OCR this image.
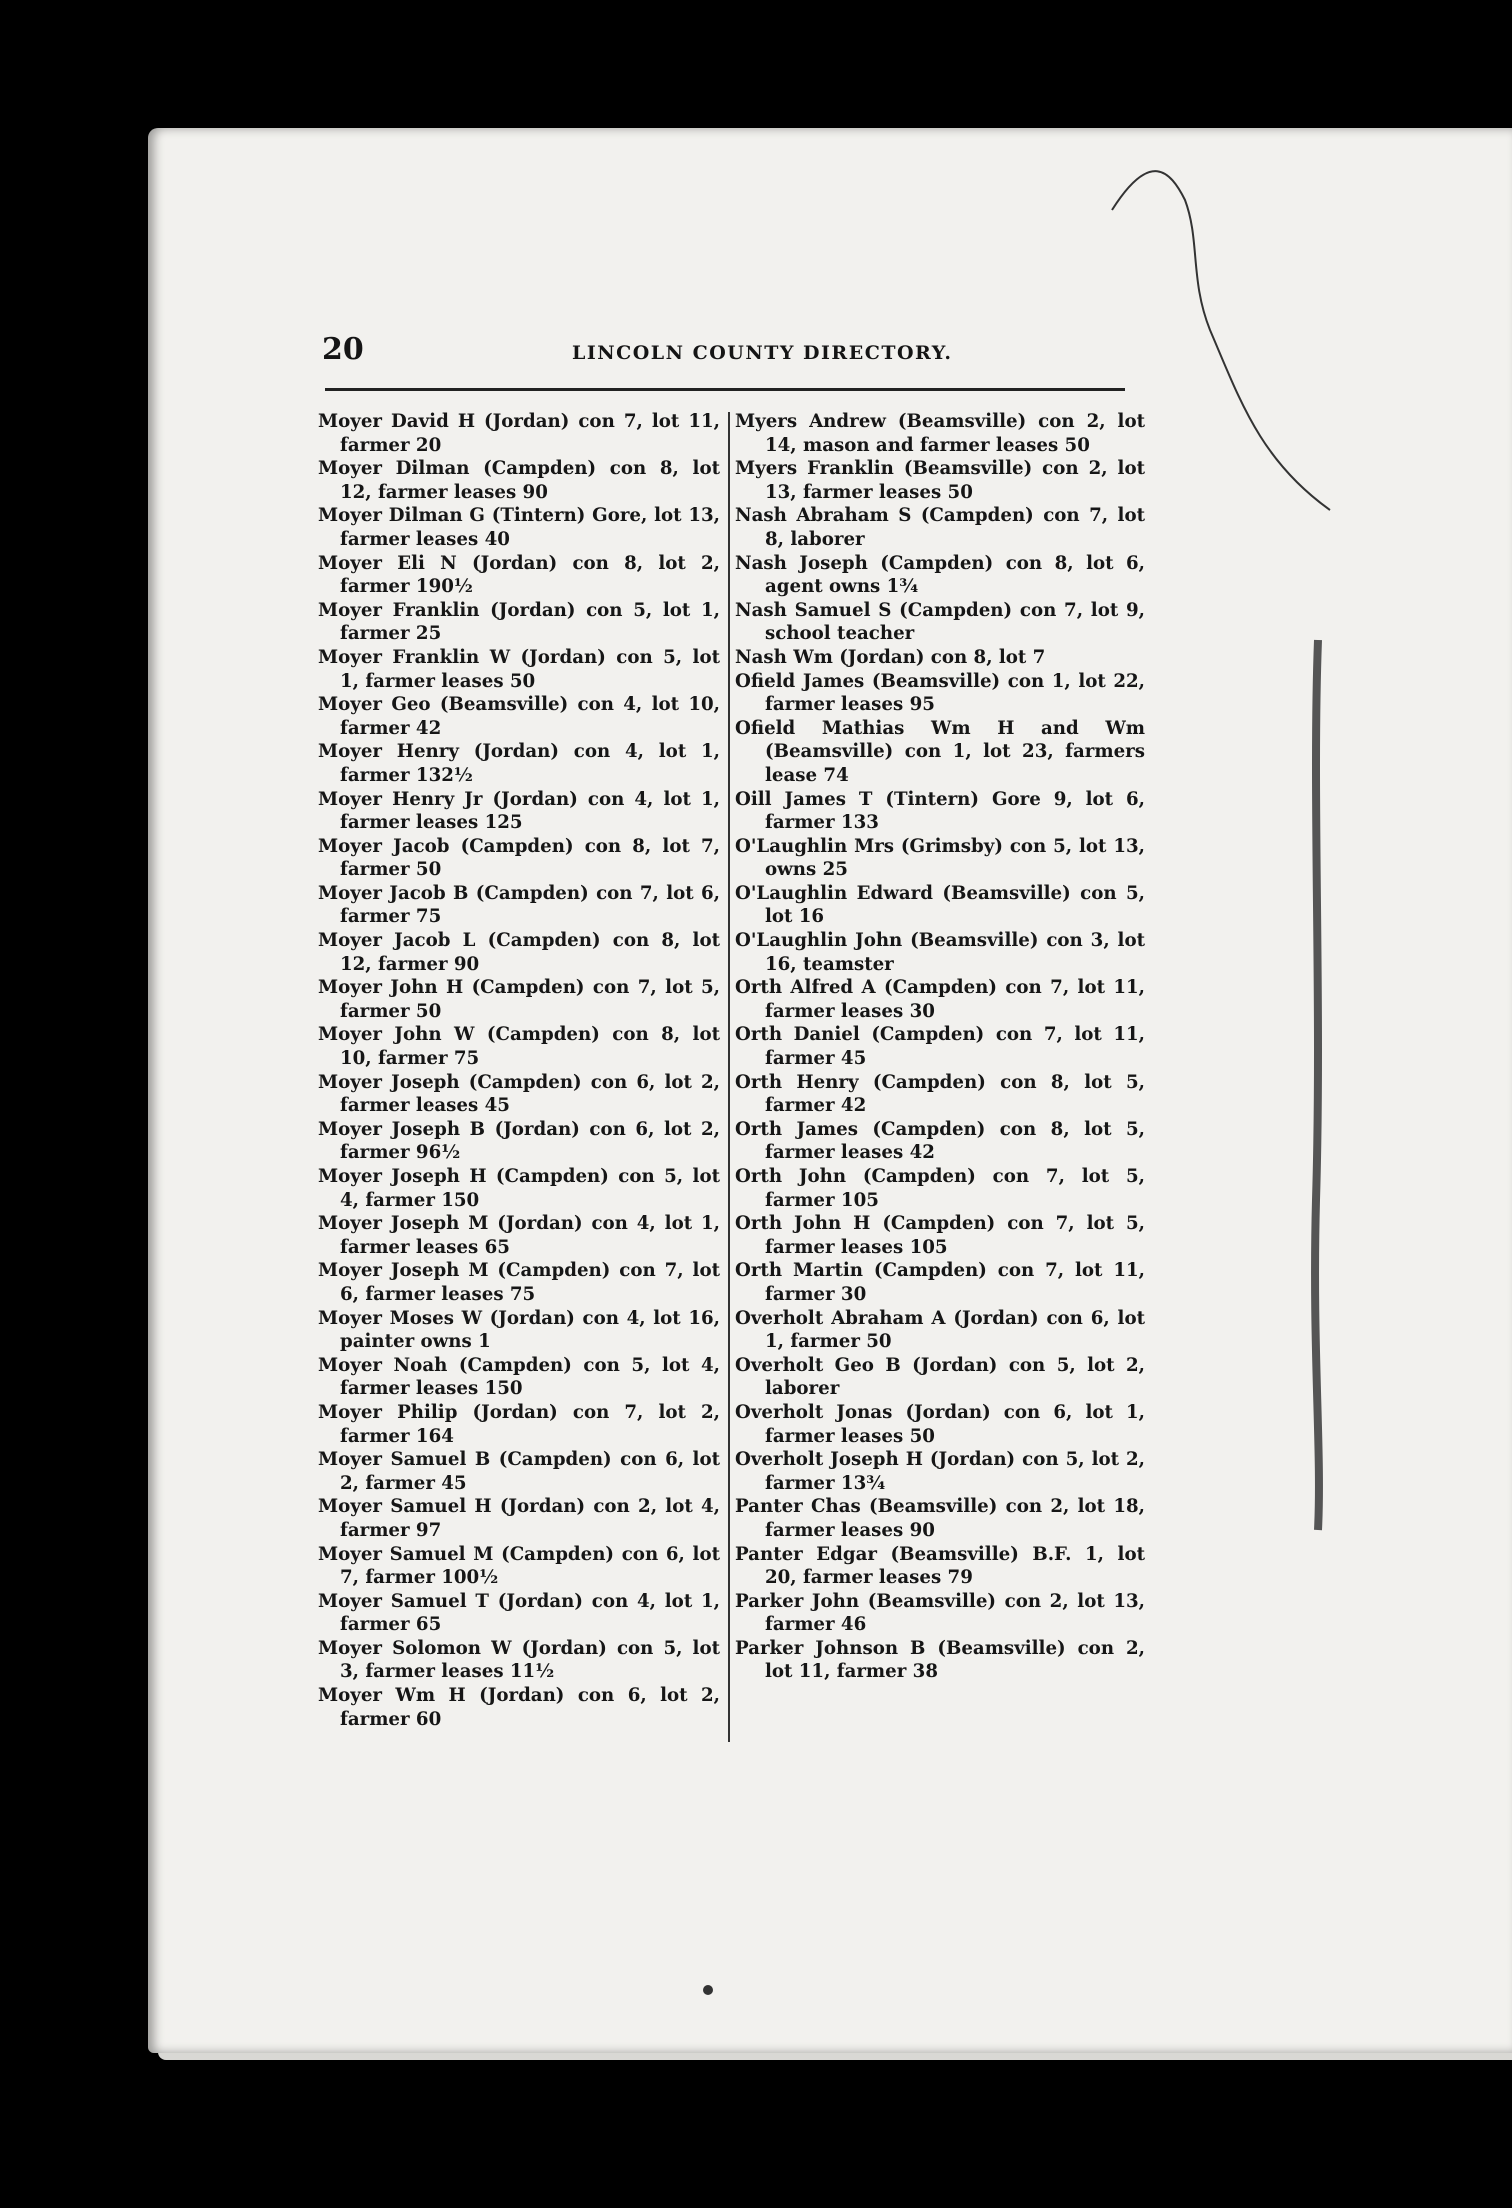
20	LINCOLN COUNTY DIRECTORY.

Moyer David H (Jordan) con 7, lot 11, farmer 20

Moyer Dilman (Campden) con 8, lot 12, farmer leases 90

Moyer Dilman G (Tintern) Gore, lot 13, farmer leases 40

Moyer Eli N (Jordan) con 8, lot 2, farmer 190½

Moyer Franklin (Jordan) con 5, lot 1, farmer 25

Moyer Franklin W (Jordan) con 5, lot 1, farmer leases 50

Moyer Geo (Beamsville) con 4, lot 10, farmer 42

Moyer Henry (Jordan) con 4, lot 1, farmer 132½

Moyer Henry Jr (Jordan) con 4, lot 1, farmer leases 125

Moyer Jacob (Campden) con 8, lot 7, farmer 50

Moyer Jacob B (Campden) con 7, lot 6, farmer 75

Moyer Jacob L (Campden) con 8, lot 12, farmer 90

Moyer John H (Campden) con 7, lot 5, farmer 50

Moyer John W (Campden) con 8, lot 10, farmer 75

Moyer Joseph (Campden) con 6, lot 2, farmer leases 45

Moyer Joseph B (Jordan) con 6, lot 2, farmer 96½

Moyer Joseph H (Campden) con 5, lot 4, farmer 150

Moyer Joseph M (Jordan) con 4, lot 1, farmer leases 65

Moyer Joseph M (Campden) con 7, lot 6, farmer leases 75

Moyer Moses W (Jordan) con 4, lot 16, painter owns 1

Moyer Noah (Campden) con 5, lot 4, farmer leases 150

Moyer Philip (Jordan) con 7, lot 2, farmer 164

Moyer Samuel B (Campden) con 6, lot 2, farmer 45

Moyer Samuel H (Jordan) con 2, lot 4, farmer 97

Moyer Samuel M (Campden) con 6, lot 7, farmer 100½

Moyer Samuel T (Jordan) con 4, lot 1, farmer 65

Moyer Solomon W (Jordan) con 5, lot 3, farmer leases 11½

Moyer Wm H (Jordan) con 6, lot 2, farmer 60

Myers Andrew (Beamsville) con 2, lot 14, mason and farmer leases 50

Myers Franklin (Beamsville) con 2, lot 13, farmer leases 50

Nash Abraham S (Campden) con 7, lot 8, laborer

Nash Joseph (Campden) con 8, lot 6, agent owns 1¾

Nash Samuel S (Campden) con 7, lot 9, school teacher

Nash Wm (Jordan) con 8, lot 7

Ofield James (Beamsville) con 1, lot 22, farmer leases 95

Ofield Mathias Wm H and Wm (Beamsville) con 1, lot 23, farmers lease 74

Oill James T (Tintern) Gore 9, lot 6, farmer 133

O'Laughlin Mrs (Grimsby) con 5, lot 13, owns 25

O'Laughlin Edward (Beamsville) con 5, lot 16

O'Laughlin John (Beamsville) con 3, lot 16, teamster

Orth Alfred A (Campden) con 7, lot 11, farmer leases 30

Orth Daniel (Campden) con 7, lot 11, farmer 45

Orth Henry (Campden) con 8, lot 5, farmer 42

Orth James (Campden) con 8, lot 5, farmer leases 42

Orth John (Campden) con 7, lot 5, farmer 105

Orth John H (Campden) con 7, lot 5, farmer leases 105

Orth Martin (Campden) con 7, lot 11, farmer 30

Overholt Abraham A (Jordan) con 6, lot 1, farmer 50

Overholt Geo B (Jordan) con 5, lot 2, laborer

Overholt Jonas (Jordan) con 6, lot 1, farmer leases 50

Overholt Joseph H (Jordan) con 5, lot 2, farmer 13¾

Panter Chas (Beamsville) con 2, lot 18, farmer leases 90

Panter Edgar (Beamsville) B.F. 1, lot 20, farmer leases 79

Parker John (Beamsville) con 2, lot 13, farmer 46

Parker Johnson B (Beamsville) con 2, lot 11, farmer 38
